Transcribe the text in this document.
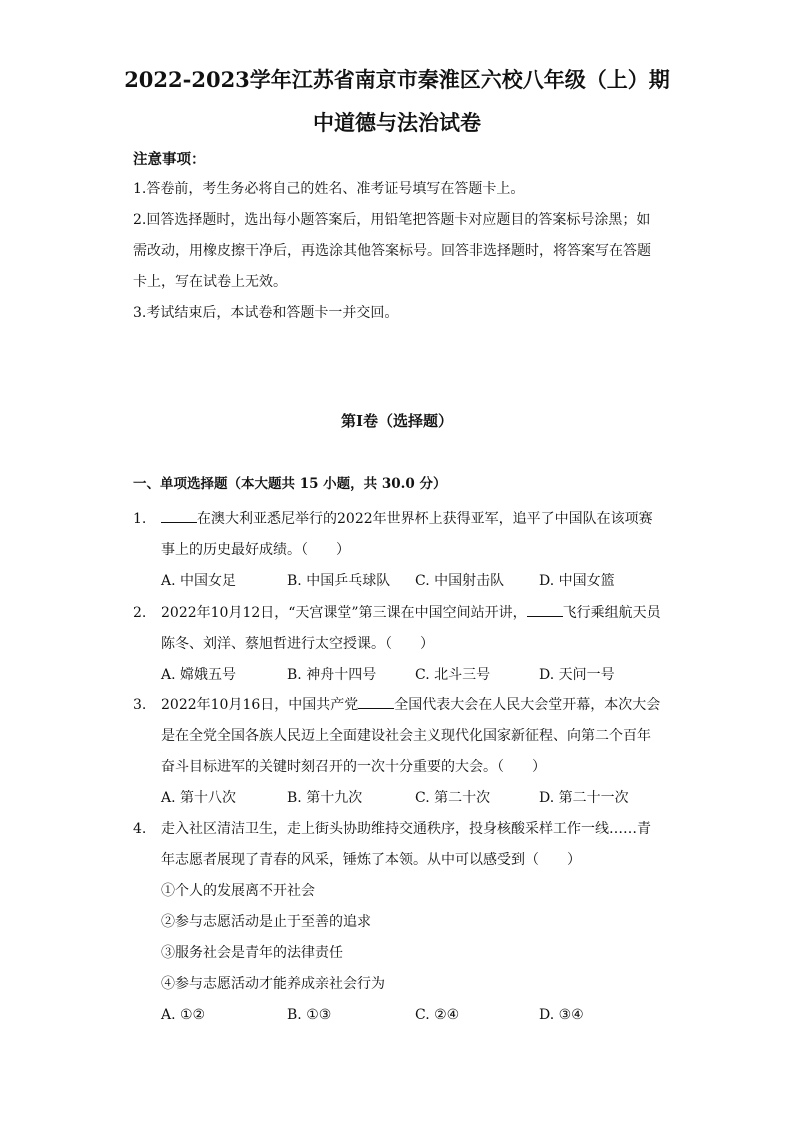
2022-2023学年江苏省南京市秦淮区六校八年级（上）期
中道德与法治试卷
注意事项：
1.答卷前，考生务必将自己的姓名、准考证号填写在答题卡上。
2.回答选择题时，选出每小题答案后，用铅笔把答题卡对应题目的答案标号涂黑；如需改动，用橡皮擦干净后，再选涂其他答案标号。回答非选择题时，将答案写在答题卡上，写在试卷上无效。
3.考试结束后，本试卷和答题卡一并交回。
第Ⅰ卷（选择题）
一、单项选择题（本大题共 15 小题，共 30.0 分）
1.	在澳大利亚悉尼举行的2022年世界杯上获得亚军，追平了中国队在该项赛事上的历史最好成绩。（　　）
A. 中国女足	B. 中国乒乓球队	C. 中国射击队	D. 中国女篮
2. 2022年10月12日，“天宫课堂”第三课在中国空间站开讲，	飞行乘组航天员陈冬、刘洋、蔡旭哲进行太空授课。（　　）
A. 嫦娥五号	B. 神舟十四号	C. 北斗三号	D. 天问一号
3. 2022年10月16日，中国共产党	全国代表大会在人民大会堂开幕，本次大会是在全党全国各族人民迈上全面建设社会主义现代化国家新征程、向第二个百年奋斗目标进军的关键时刻召开的一次十分重要的大会。（　　）
A. 第十八次	B. 第十九次	C. 第二十次	D. 第二十一次
4. 走入社区清洁卫生，走上街头协助维持交通秩序，投身核酸采样工作一线……青年志愿者展现了青春的风采，锤炼了本领。从中可以感受到（　　）
①个人的发展离不开社会
②参与志愿活动是止于至善的追求
③服务社会是青年的法律责任
④参与志愿活动才能养成亲社会行为
A. ①②	B. ①③	C. ②④	D. ③④
